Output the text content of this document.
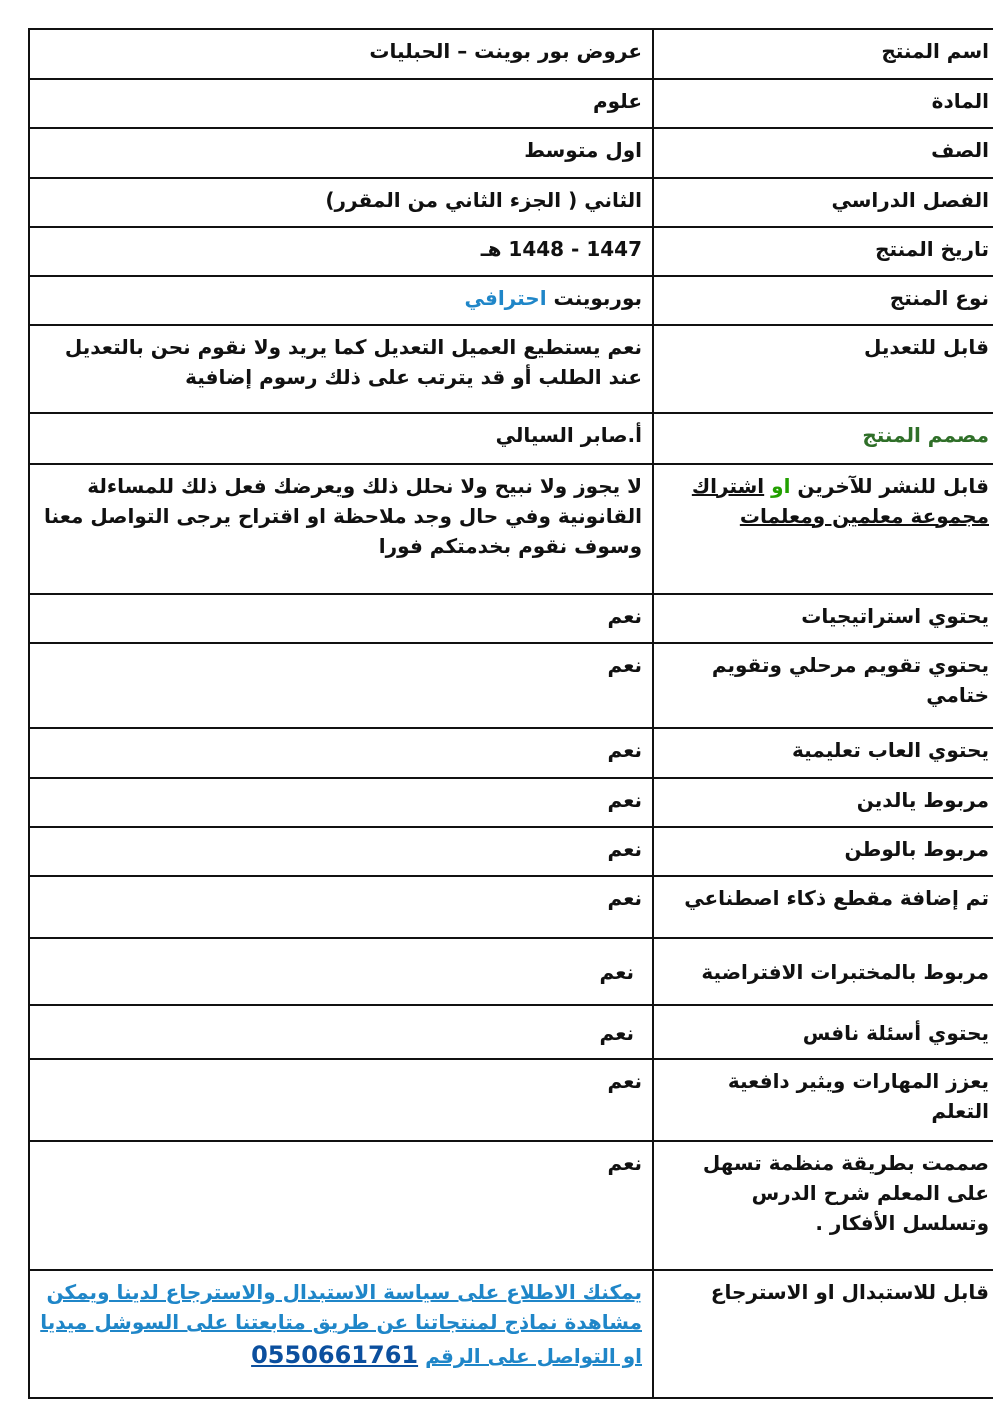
اسم المنتج	عروض بور بوينت – الحبليات
المادة	علوم
الصف	اول متوسط
الفصل الدراسي	الثاني ( الجزء الثاني من المقرر)
تاريخ المنتج	1447 - 1448 هـ
نوع المنتج	بوربوينت احترافي
قابل للتعديل	نعم يستطيع العميل التعديل كما يريد ولا نقوم نحن بالتعديل عند الطلب أو قد يترتب على ذلك رسوم إضافية
مصمم المنتج	أ.صابر السيالي
قابل للنشر للآخرين او اشتراك مجموعة معلمين ومعلمات	لا يجوز ولا نبيح ولا نحلل ذلك ويعرضك فعل ذلك للمساءلة القانونية وفي حال وجد ملاحظة او اقتراح يرجى التواصل معنا وسوف نقوم بخدمتكم فورا
يحتوي استراتيجيات	نعم
يحتوي تقويم مرحلي وتقويم ختامي	نعم
يحتوي العاب تعليمية	نعم
مربوط يالدين	نعم
مربوط بالوطن	نعم
تم إضافة مقطع ذكاء اصطناعي	نعم
مربوط بالمختبرات الافتراضية	نعم
يحتوي أسئلة نافس	نعم
يعزز المهارات ويثير دافعية التعلم	نعم
صممت بطريقة منظمة تسهل على المعلم شرح الدرس وتسلسل الأفكار .	نعم
قابل للاستبدال او الاسترجاع	يمكنك الاطلاع على سياسة الاستبدال والاسترجاع لدينا ويمكن مشاهدة نماذج لمنتجاتنا عن طريق متابعتنا على السوشل ميديا او التواصل على الرقم 0550661761
